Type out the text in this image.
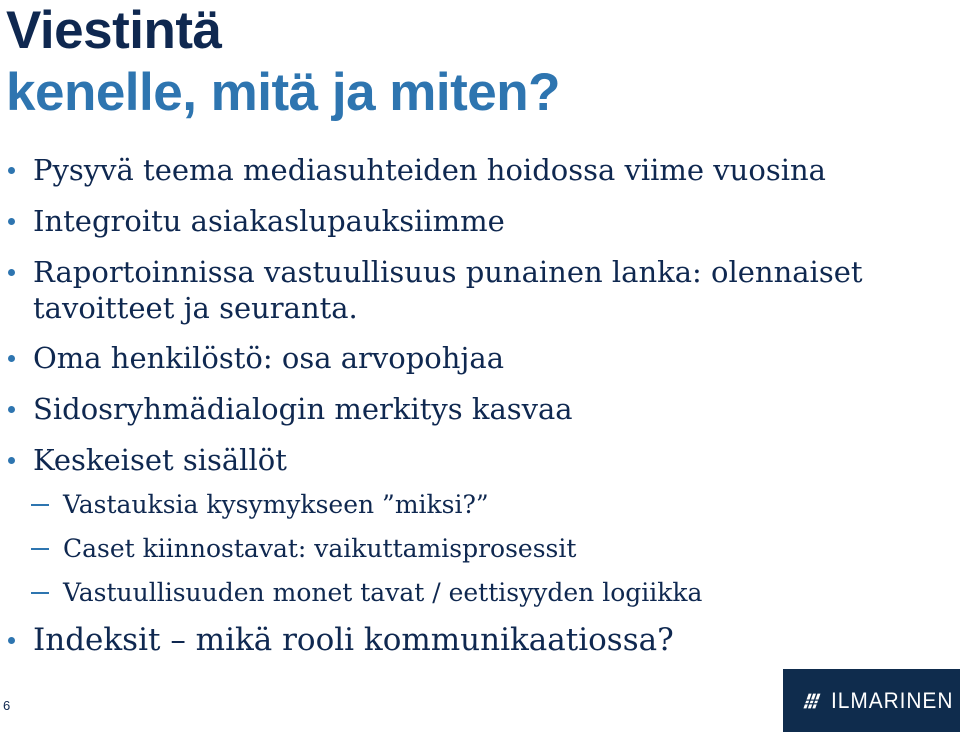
Viestintä
kenelle, mitä ja miten?
Pysyvä teema mediasuhteiden hoidossa viime vuosina
Integroitu asiakaslupauksiimme
Raportoinnissa vastuullisuus punainen lanka: olennaiset tavoitteet ja seuranta.
Oma henkilöstö: osa arvopohjaa
Sidosryhmädialogin merkitys kasvaa
Keskeiset sisällöt
Vastauksia kysymykseen ”miksi?”
Caset kiinnostavat: vaikuttamisprosessit
Vastuullisuuden monet tavat / eettisyyden logiikka
Indeksit – mikä rooli kommunikaatiossa?
6	ILMARINEN
